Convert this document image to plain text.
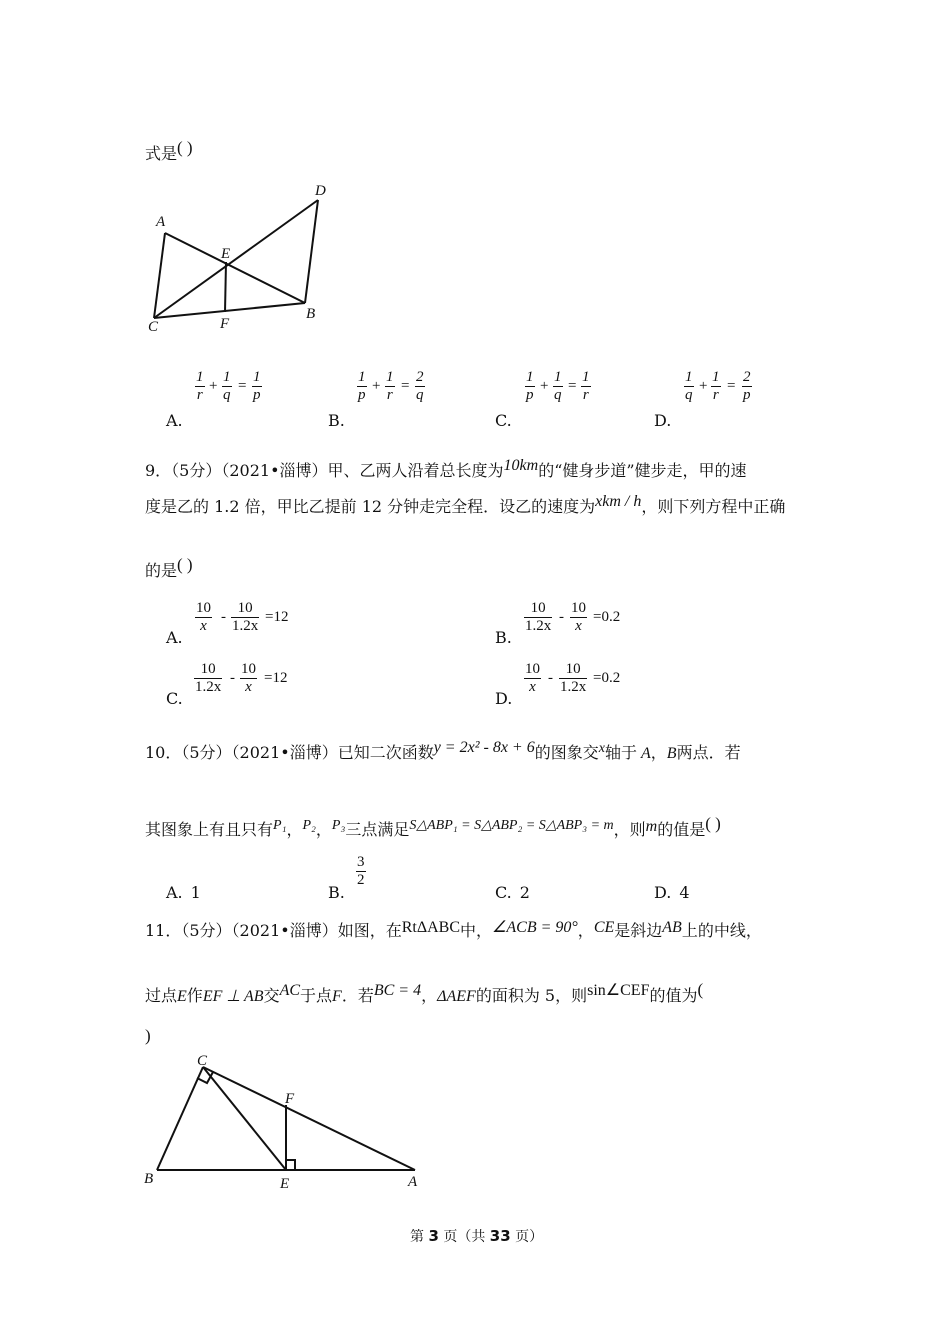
式是( )
A
D
E
C	F
B
A.
$\frac{1}{r} + \frac{1}{q} = \frac{1}{p}$
B.
$\frac{1}{p} + \frac{1}{r} = \frac{2}{q}$
C.
$\frac{1}{p} + \frac{1}{q} = \frac{1}{r}$
D.
$\frac{1}{q} + \frac{1}{r} = \frac{2}{p}$
9．（5分）（2021•淄博）甲、乙两人沿着总长度为10km的“健身步道”健步走，甲的速
度是乙的 1.2 倍，甲比乙提前 12 分钟走完全程．设乙的速度为xkm / h，则下列方程中正确
的是( )
A.
$\frac{10}{x} - \frac{10}{1.2x} =12$
B.
$\frac{10}{1.2x} - \frac{10}{x} =0.2$
C.
$\frac{10}{1.2x} - \frac{10}{x} =12$
D.
$\frac{10}{x} - \frac{10}{1.2x} =0.2$
10．（5分）（2021•淄博）已知二次函数y = 2x² - 8x + 6的图象交x轴于 A，B两点．若
其图象上有且只有P₁，P₂，P₃三点满足S△ABP₁ = S△ABP₂ = S△ABP₃ = m，则m的值是( )
A. 1	B.
$\frac{3}{2}$
C. 2	D. 4
11．（5分）（2021•淄博）如图，在RtΔABC中，∠ACB = 90°，CE是斜边AB上的中线，
过点E作EF ⊥ AB交AC于点F．若BC = 4，ΔAEF的面积为 5，则sin∠CEF的值为(
)
C
F
B	E	A
第 3 页（共 33 页）
